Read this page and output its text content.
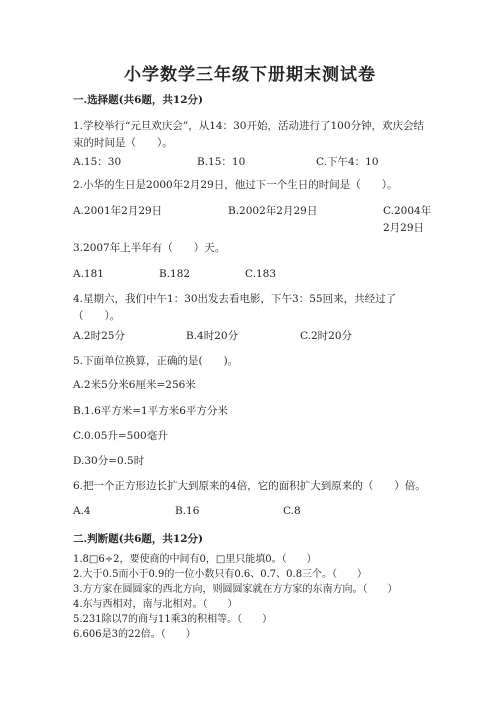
小学数学三年级下册期末测试卷
一.选择题(共6题，共12分)
1.学校举行“元旦欢庆会”，从14：30开始，活动进行了100分钟，欢庆会结束的时间是（　　）。
A.15：30	B.15：10	C.下午4：10
2.小华的生日是2000年2月29日，他过下一个生日的时间是（　　）。
A.2001年2月29日	B.2002年2月29日	C.2004年2月29日
3.2007年上半年有（　　）天。
A.181	B.182	C.183
4.星期六，我们中午1：30出发去看电影，下午3：55回来，共经过了（　　）。
A.2时25分	B.4时20分	C.2时20分
5.下面单位换算，正确的是(　　)。
A.2米5分米6厘米=256米
B.1.6平方米=1平方米6平方分米
C.0.05升=500毫升
D.30分=0.5时
6.把一个正方形边长扩大到原来的4倍，它的面积扩大到原来的（　　）倍。
A.4	B.16	C.8
二.判断题(共6题，共12分)
1.8□6÷2，要使商的中间有0，□里只能填0。（　　）
2.大于0.5而小于0.9的一位小数只有0.6、0.7、0.8三个。（　　）
3.方方家在圆圆家的西北方向，则圆圆家就在方方家的东南方向。（　　）
4.东与西相对，南与北相对。（　　）
5.231除以7的商与11乘3的积相等。（　　）
6.606是3的22倍。（　　）
